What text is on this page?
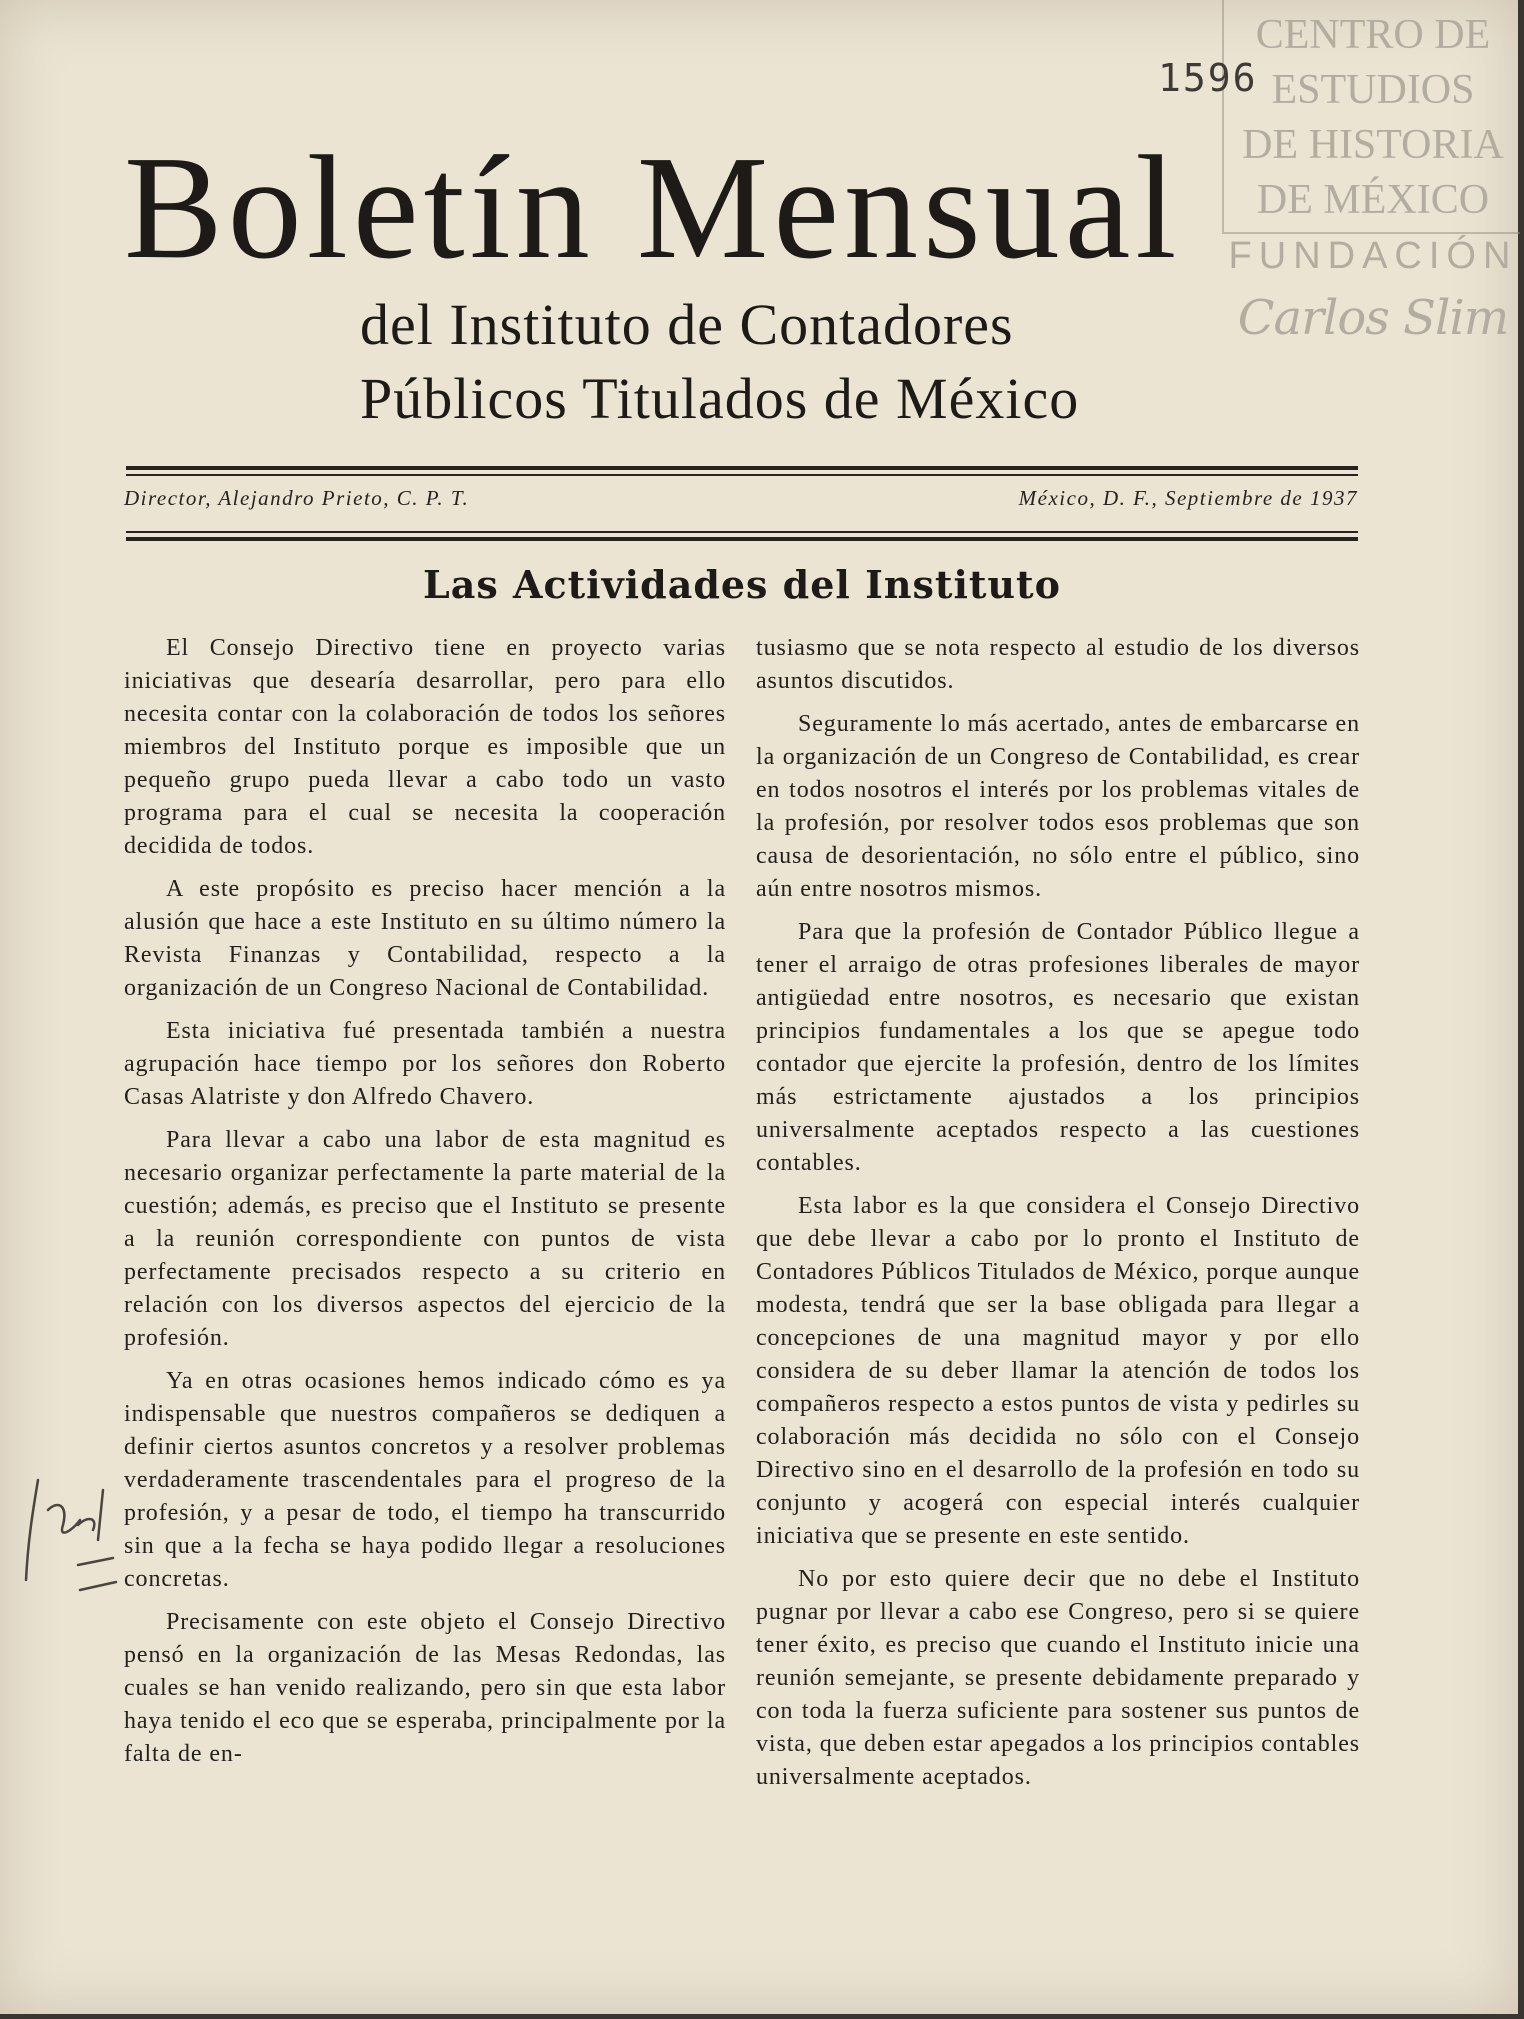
CENTRO DE
ESTUDIOS
DE HISTORIA
DE MÉXICO
FUNDACIÓN
Carlos Slim
1596
Boletín Mensual
del Instituto de Contadores
Públicos Titulados de México
Director, Alejandro Prieto, C. P. T.	México, D. F., Septiembre de 1937
Las Actividades del Instituto

El Consejo Directivo tiene en proyecto varias iniciativas que desearía desarrollar, pero para ello necesita contar con la colaboración de todos los señores miembros del Instituto porque es imposible que un pequeño grupo pueda llevar a cabo todo un vasto programa para el cual se necesita la cooperación decidida de todos.

A este propósito es preciso hacer mención a la alusión que hace a este Instituto en su último número la Revista Finanzas y Contabilidad, respecto a la organización de un Congreso Nacional de Contabilidad.

Esta iniciativa fué presentada también a nuestra agrupación hace tiempo por los señores don Roberto Casas Alatriste y don Alfredo Chavero.

Para llevar a cabo una labor de esta magnitud es necesario organizar perfectamente la parte material de la cuestión; además, es preciso que el Instituto se presente a la reunión correspondiente con puntos de vista perfectamente precisados respecto a su criterio en relación con los diversos aspectos del ejercicio de la profesión.

Ya en otras ocasiones hemos indicado cómo es ya indispensable que nuestros compañeros se dediquen a definir ciertos asuntos concretos y a resolver problemas verdaderamente trascendentales para el progreso de la profesión, y a pesar de todo, el tiempo ha transcurrido sin que a la fecha se haya podido llegar a resoluciones concretas.

Precisamente con este objeto el Consejo Directivo pensó en la organización de las Mesas Redondas, las cuales se han venido realizando, pero sin que esta labor haya tenido el eco que se esperaba, principalmente por la falta de en-

tusiasmo que se nota respecto al estudio de los diversos asuntos discutidos.

Seguramente lo más acertado, antes de embarcarse en la organización de un Congreso de Contabilidad, es crear en todos nosotros el interés por los problemas vitales de la profesión, por resolver todos esos problemas que son causa de desorientación, no sólo entre el público, sino aún entre nosotros mismos.

Para que la profesión de Contador Público llegue a tener el arraigo de otras profesiones liberales de mayor antigüedad entre nosotros, es necesario que existan principios fundamentales a los que se apegue todo contador que ejercite la profesión, dentro de los límites más estrictamente ajustados a los principios universalmente aceptados respecto a las cuestiones contables.

Esta labor es la que considera el Consejo Directivo que debe llevar a cabo por lo pronto el Instituto de Contadores Públicos Titulados de México, porque aunque modesta, tendrá que ser la base obligada para llegar a concepciones de una magnitud mayor y por ello considera de su deber llamar la atención de todos los compañeros respecto a estos puntos de vista y pedirles su colaboración más decidida no sólo con el Consejo Directivo sino en el desarrollo de la profesión en todo su conjunto y acogerá con especial interés cualquier iniciativa que se presente en este sentido.

No por esto quiere decir que no debe el Instituto pugnar por llevar a cabo ese Congreso, pero si se quiere tener éxito, es preciso que cuando el Instituto inicie una reunión semejante, se presente debidamente preparado y con toda la fuerza suficiente para sostener sus puntos de vista, que deben estar apegados a los principios contables universalmente aceptados.
